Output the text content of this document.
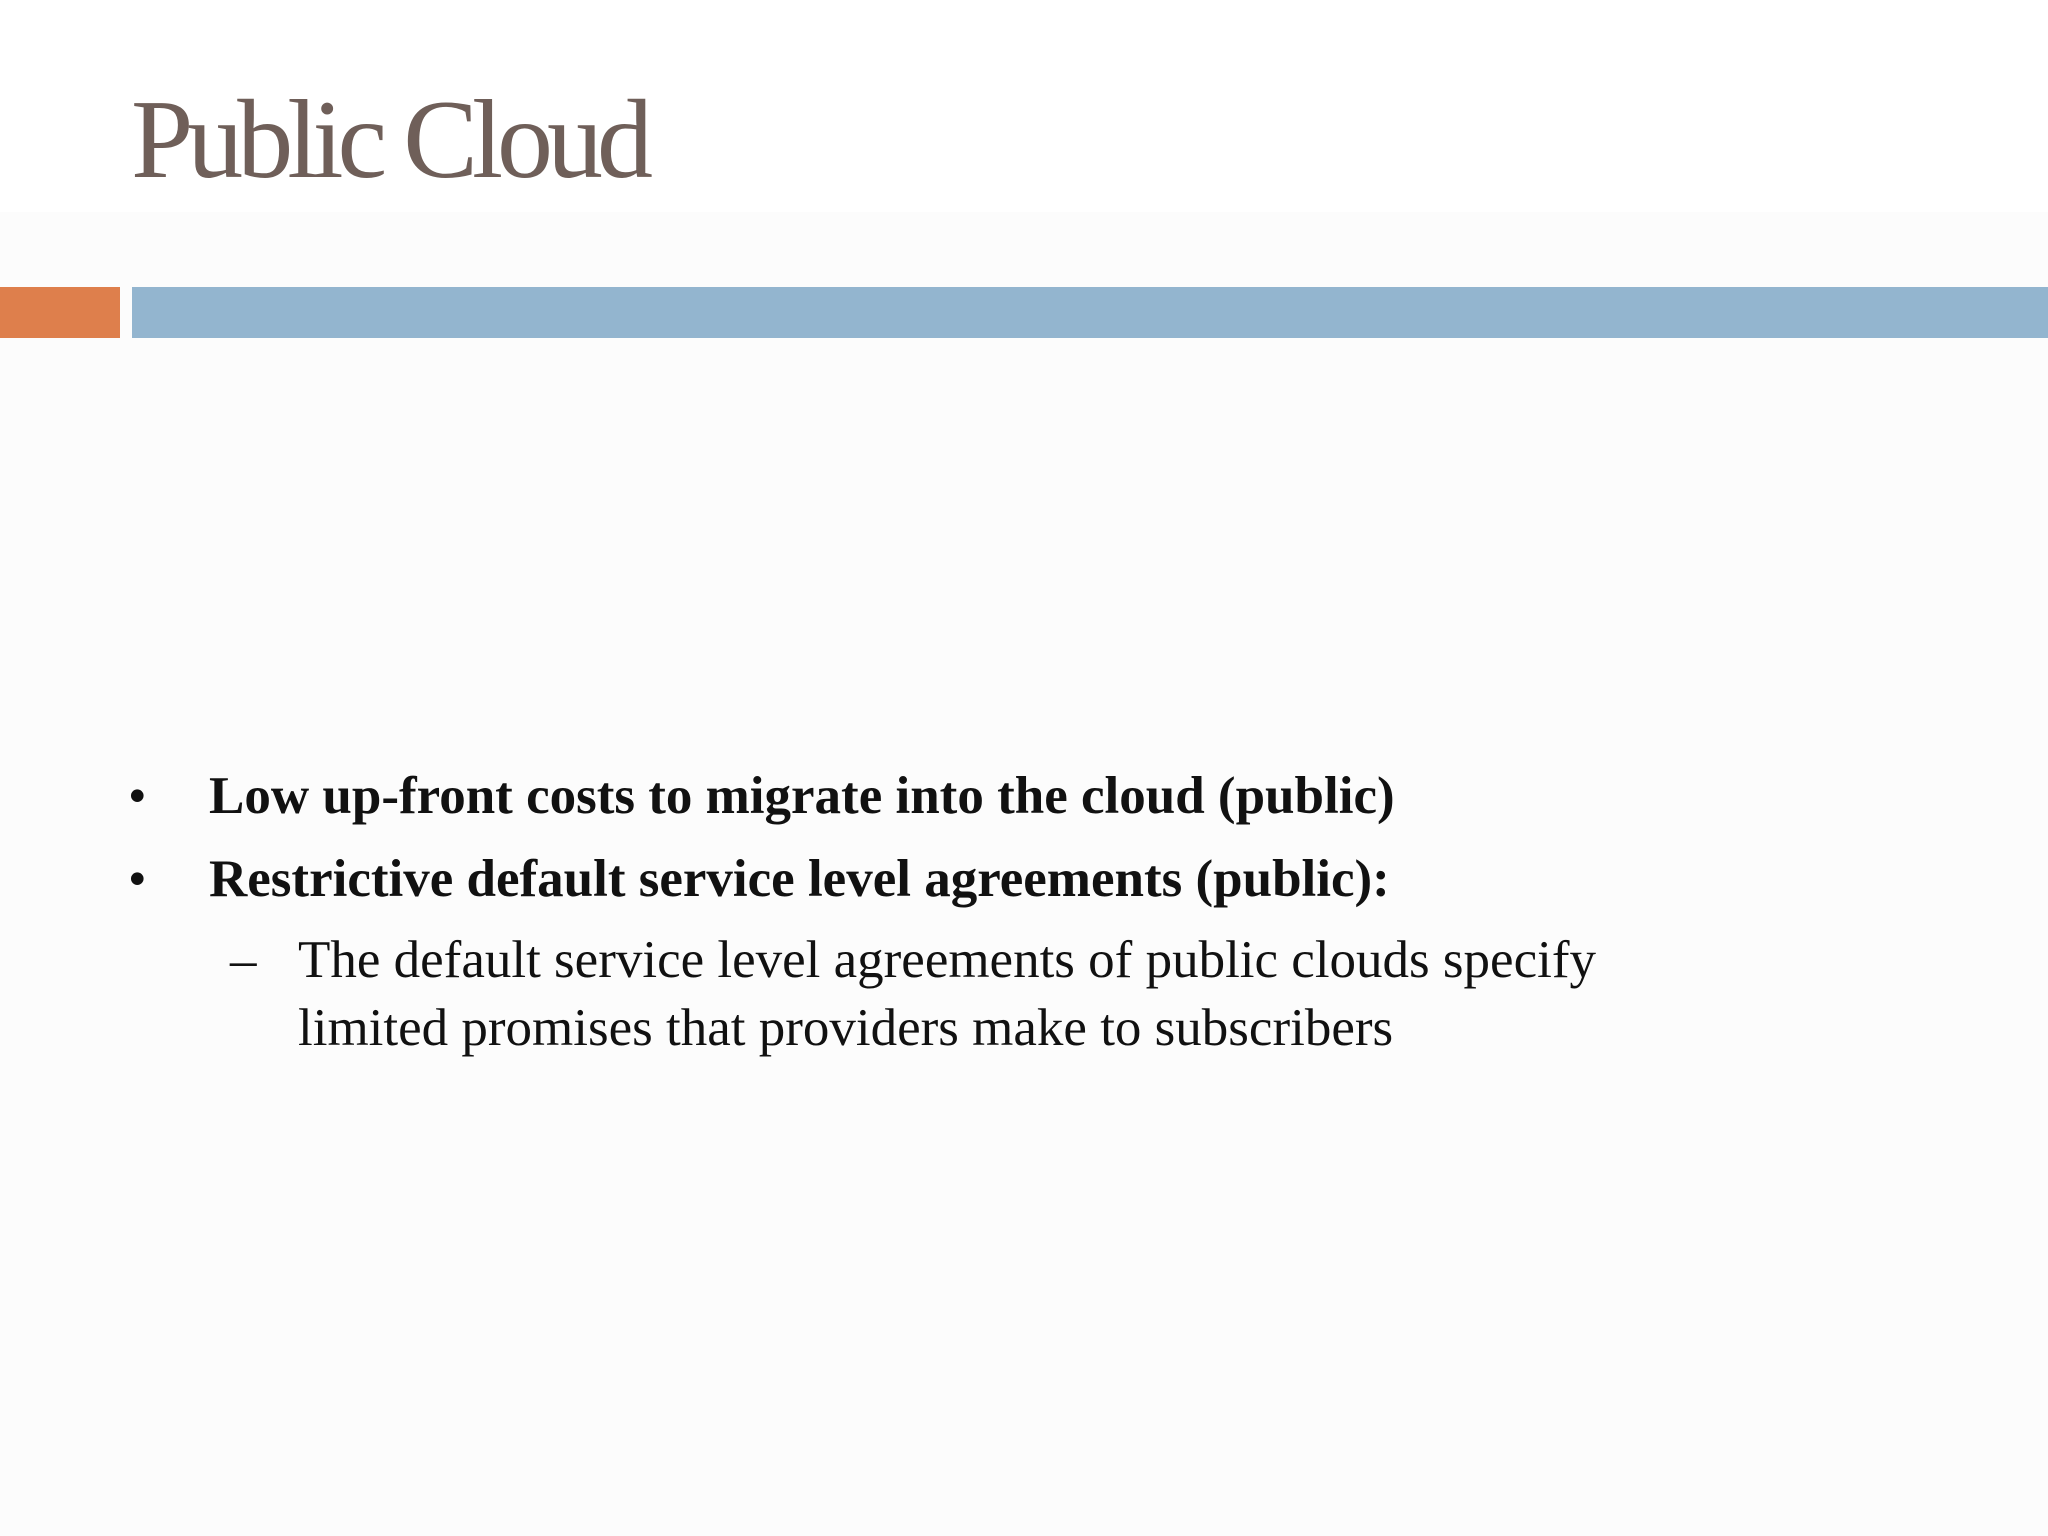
Public Cloud
• Low up-front costs to migrate into the cloud (public)
• Restrictive default service level agreements (public):
– The default service level agreements of public clouds specify limited promises that providers make to subscribers
